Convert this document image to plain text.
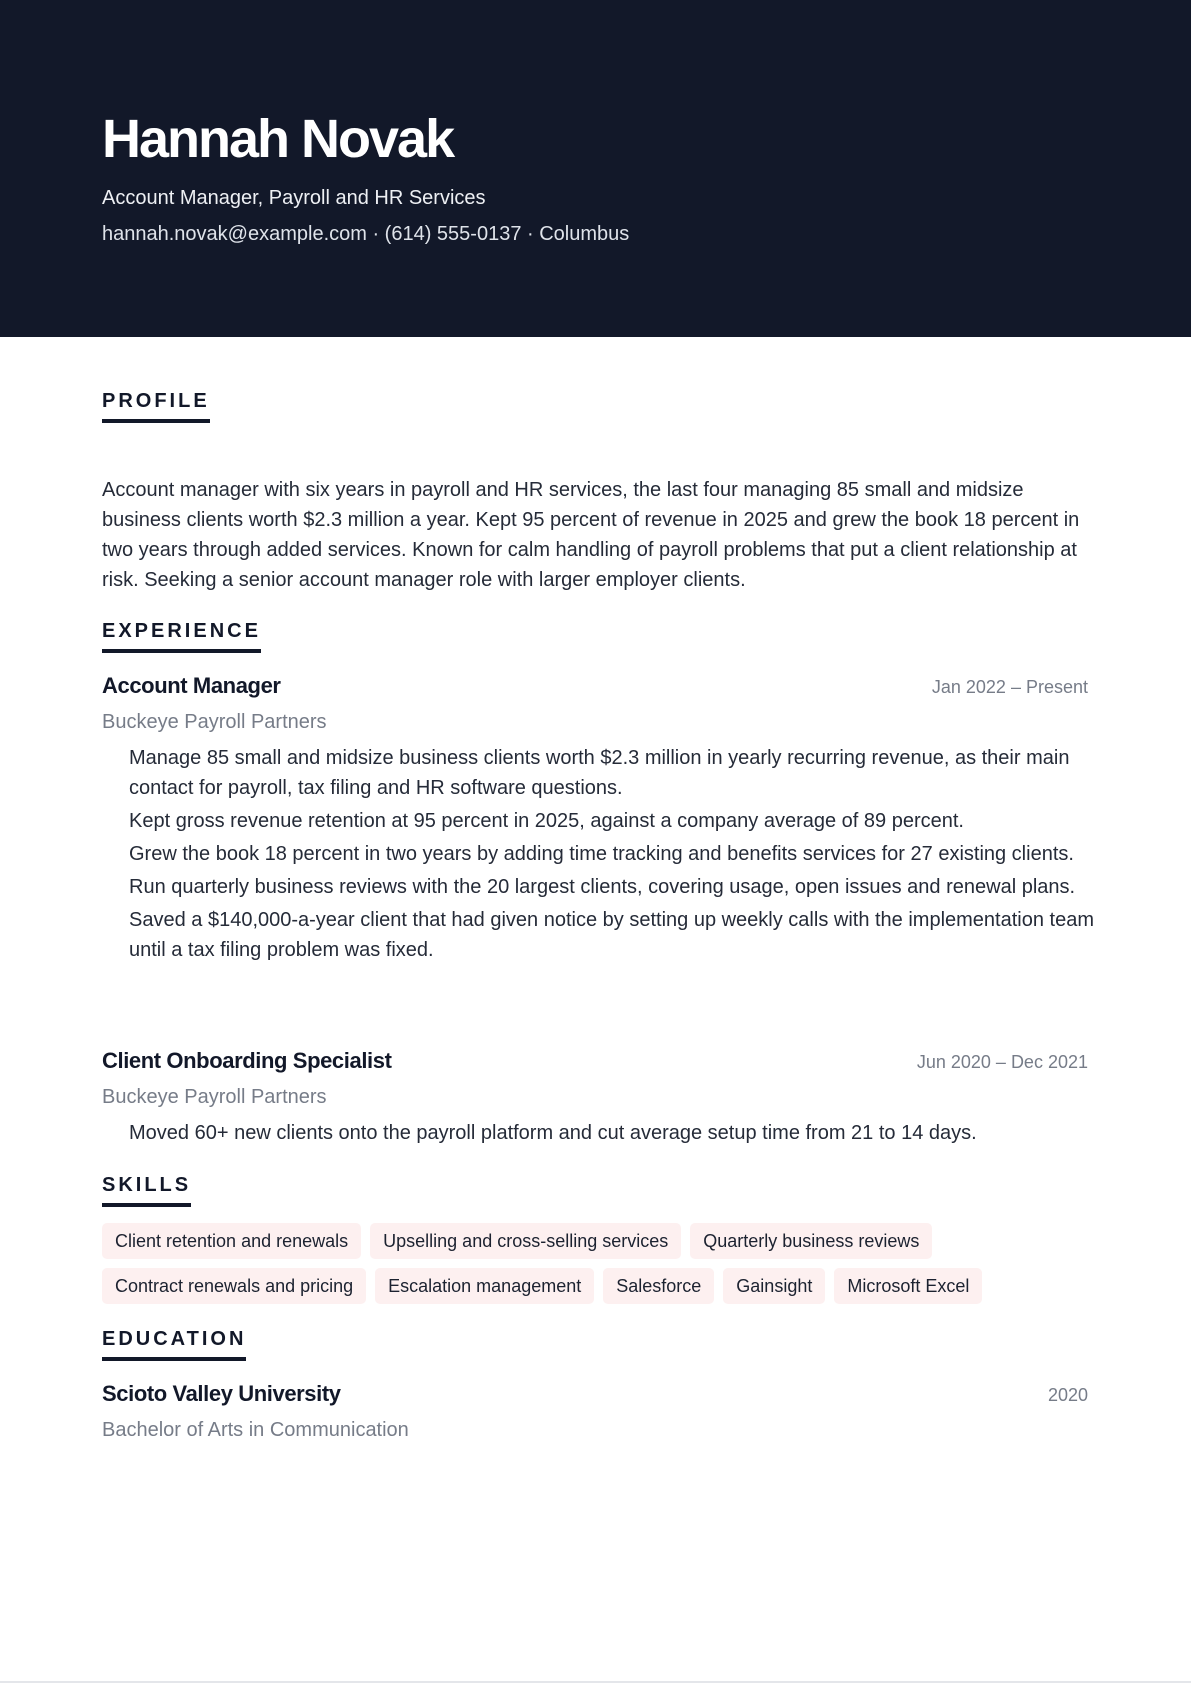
Hannah Novak
Account Manager, Payroll and HR Services
hannah.novak@example.com · (614) 555-0137 · Columbus
PROFILE
Account manager with six years in payroll and HR services, the last four managing 85 small and midsize business clients worth $2.3 million a year. Kept 95 percent of revenue in 2025 and grew the book 18 percent in two years through added services. Known for calm handling of payroll problems that put a client relationship at risk. Seeking a senior account manager role with larger employer clients.
EXPERIENCE
Account Manager	Jan 2022 – Present
Buckeye Payroll Partners
Manage 85 small and midsize business clients worth $2.3 million in yearly recurring revenue, as their main contact for payroll, tax filing and HR software questions.
Kept gross revenue retention at 95 percent in 2025, against a company average of 89 percent.
Grew the book 18 percent in two years by adding time tracking and benefits services for 27 existing clients.
Run quarterly business reviews with the 20 largest clients, covering usage, open issues and renewal plans.
Saved a $140,000-a-year client that had given notice by setting up weekly calls with the implementation team until a tax filing problem was fixed.
Client Onboarding Specialist	Jun 2020 – Dec 2021
Buckeye Payroll Partners
Moved 60+ new clients onto the payroll platform and cut average setup time from 21 to 14 days.
SKILLS
Client retention and renewals	Upselling and cross-selling services	Quarterly business reviews
Contract renewals and pricing	Escalation management	Salesforce	Gainsight	Microsoft Excel
EDUCATION
Scioto Valley University	2020
Bachelor of Arts in Communication
